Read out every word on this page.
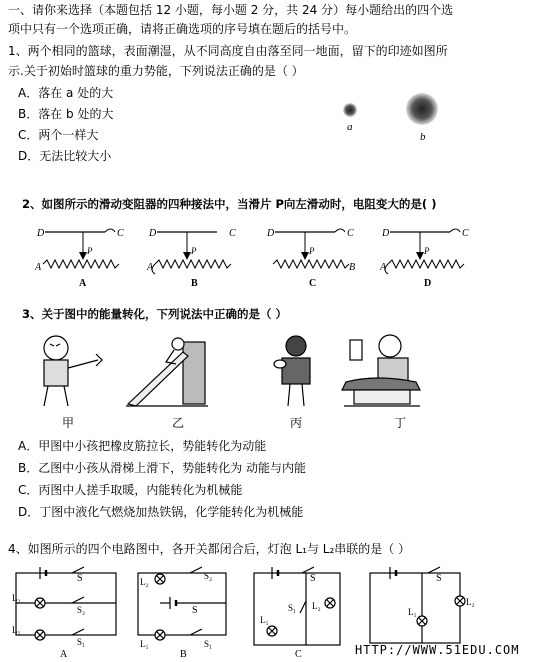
一、请你来选择（本题包括 12 小题，每小题 2 分，共 24 分）每小题给出的四个选
项中只有一个选项正确，请将正确选项的序号填在题后的括号中。
1、两个相同的篮球，表面潮湿，从不同高度自由落至同一地面，留下的印迹如图所
示.关于初始时篮球的重力势能，下列说法正确的是（ ）
A．落在 a 处的大
B．落在 b 处的大
C．两个一样大
D．无法比较大小
a
b
2、如图所示的滑动变阻器的四种接法中，当滑片 P向左滑动时，电阻变大的是( )
D	C
P
A
A
D	C
P
A
B
D	C
P
B
C
D	C
P
A
D
3、关于图中的能量转化，下列说法中正确的是（ ）
甲	乙	丙	丁
A．甲图中小孩把橡皮筋拉长，势能转化为动能
B．乙图中小孩从滑梯上滑下，势能转化为 动能与内能
C．丙图中人搓手取暖，内能转化为机械能
D．丁图中液化气燃烧加热铁锅，化学能转化为机械能
4、如图所示的四个电路图中，各开关都闭合后，灯泡 L₁与 L₂串联的是（ ）
S
L₂
S₂
L₁
S₁
A
L₂
S₂
S
L₁	S₁
B
S
S₁ L₂
L₁
C
S
L₂
L₁
HTTP://WWW.51EDU.COM
